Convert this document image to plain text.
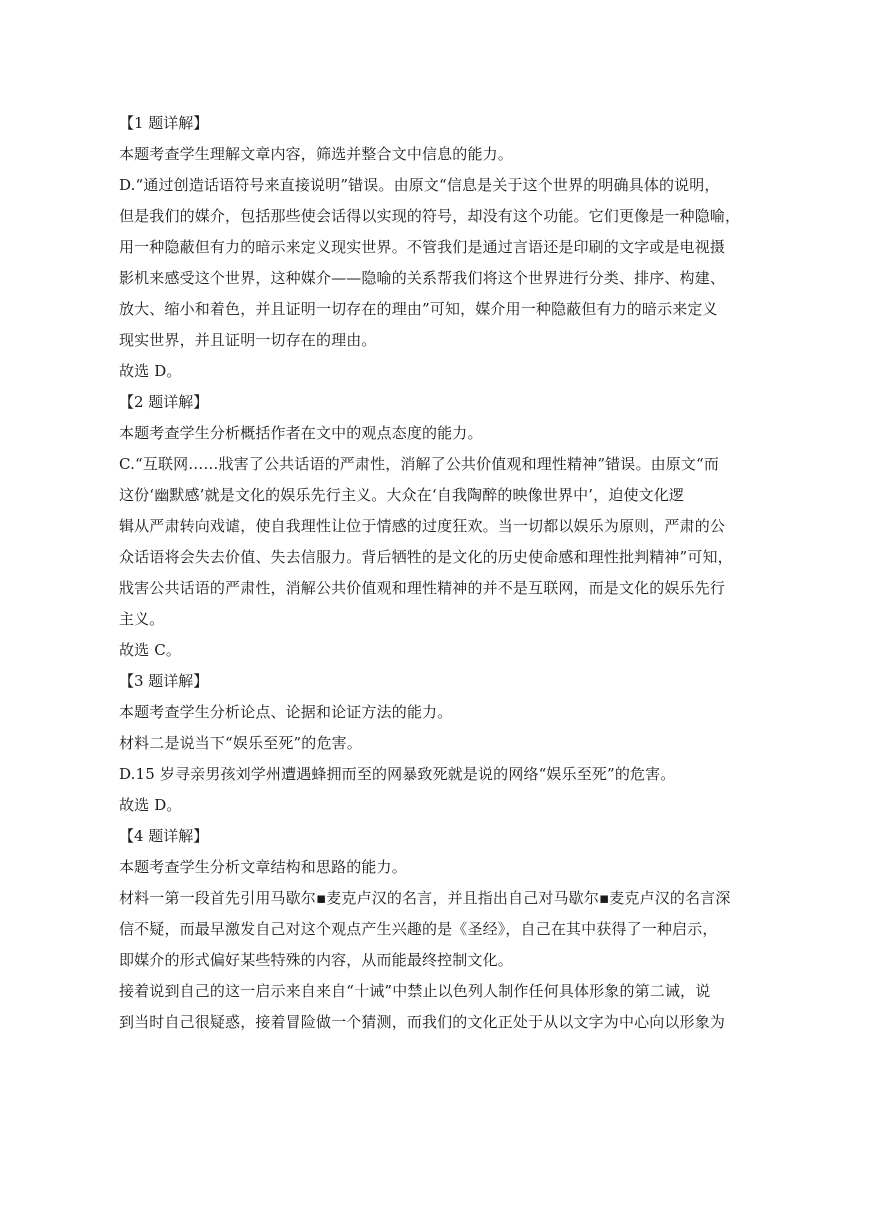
【1 题详解】
本题考查学生理解文章内容，筛选并整合文中信息的能力。
D.“通过创造话语符号来直接说明”错误。由原文“信息是关于这个世界的明确具体的说明，
但是我们的媒介，包括那些使会话得以实现的符号，却没有这个功能。它们更像是一种隐喻，
用一种隐蔽但有力的暗示来定义现实世界。不管我们是通过言语还是印刷的文字或是电视摄
影机来感受这个世界，这种媒介——隐喻的关系帮我们将这个世界进行分类、排序、构建、
放大、缩小和着色，并且证明一切存在的理由”可知，媒介用一种隐蔽但有力的暗示来定义
现实世界，并且证明一切存在的理由。
故选 D。
【2 题详解】
本题考查学生分析概括作者在文中的观点态度的能力。
C.“互联网……戕害了公共话语的严肃性，消解了公共价值观和理性精神”错误。由原文“而
这份‘幽默感’就是文化的娱乐先行主义。大众在‘自我陶醉的映像世界中’，迫使文化逻
辑从严肃转向戏谑，使自我理性让位于情感的过度狂欢。当一切都以娱乐为原则，严肃的公
众话语将会失去价值、失去信服力。背后牺牲的是文化的历史使命感和理性批判精神”可知，
戕害公共话语的严肃性，消解公共价值观和理性精神的并不是互联网，而是文化的娱乐先行
主义。
故选 C。
【3 题详解】
本题考查学生分析论点、论据和论证方法的能力。
材料二是说当下“娱乐至死”的危害。
D.15 岁寻亲男孩刘学州遭遇蜂拥而至的网暴致死就是说的网络“娱乐至死”的危害。
故选 D。
【4 题详解】
本题考查学生分析文章结构和思路的能力。
材料一第一段首先引用马歇尔▪麦克卢汉的名言，并且指出自己对马歇尔▪麦克卢汉的名言深
信不疑，而最早激发自己对这个观点产生兴趣的是《圣经》，自己在其中获得了一种启示，
即媒介的形式偏好某些特殊的内容，从而能最终控制文化。
接着说到自己的这一启示来自来自“十诫”中禁止以色列人制作任何具体形象的第二诫，说
到当时自己很疑惑，接着冒险做一个猜测，而我们的文化正处于从以文字为中心向以形象为
